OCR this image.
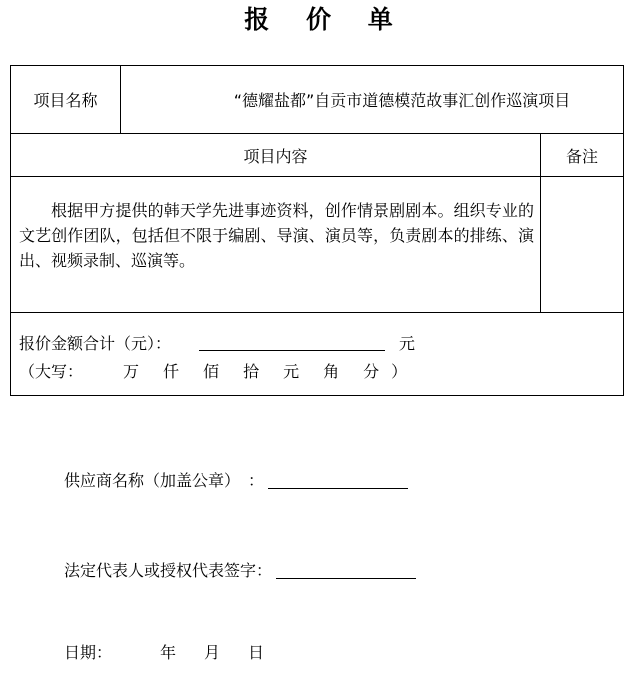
报 价 单
项目名称	“德耀盐都”自贡市道德模范故事汇创作巡演项目	
项目内容		备注
根据甲方提供的韩天学先进事迹资料，创作情景剧剧本。组织专业的文艺创作团队，包括但不限于编剧、导演、演员等，负责剧本的排练、演出、视频录制、巡演等。		

报价金额合计（元）： 元
（大写： 万 仟 佰 拾 元 角 分 ）		
供应商名称（加盖公章）　：
法定代表人或授权代表签字：
日期：	年 月 日
